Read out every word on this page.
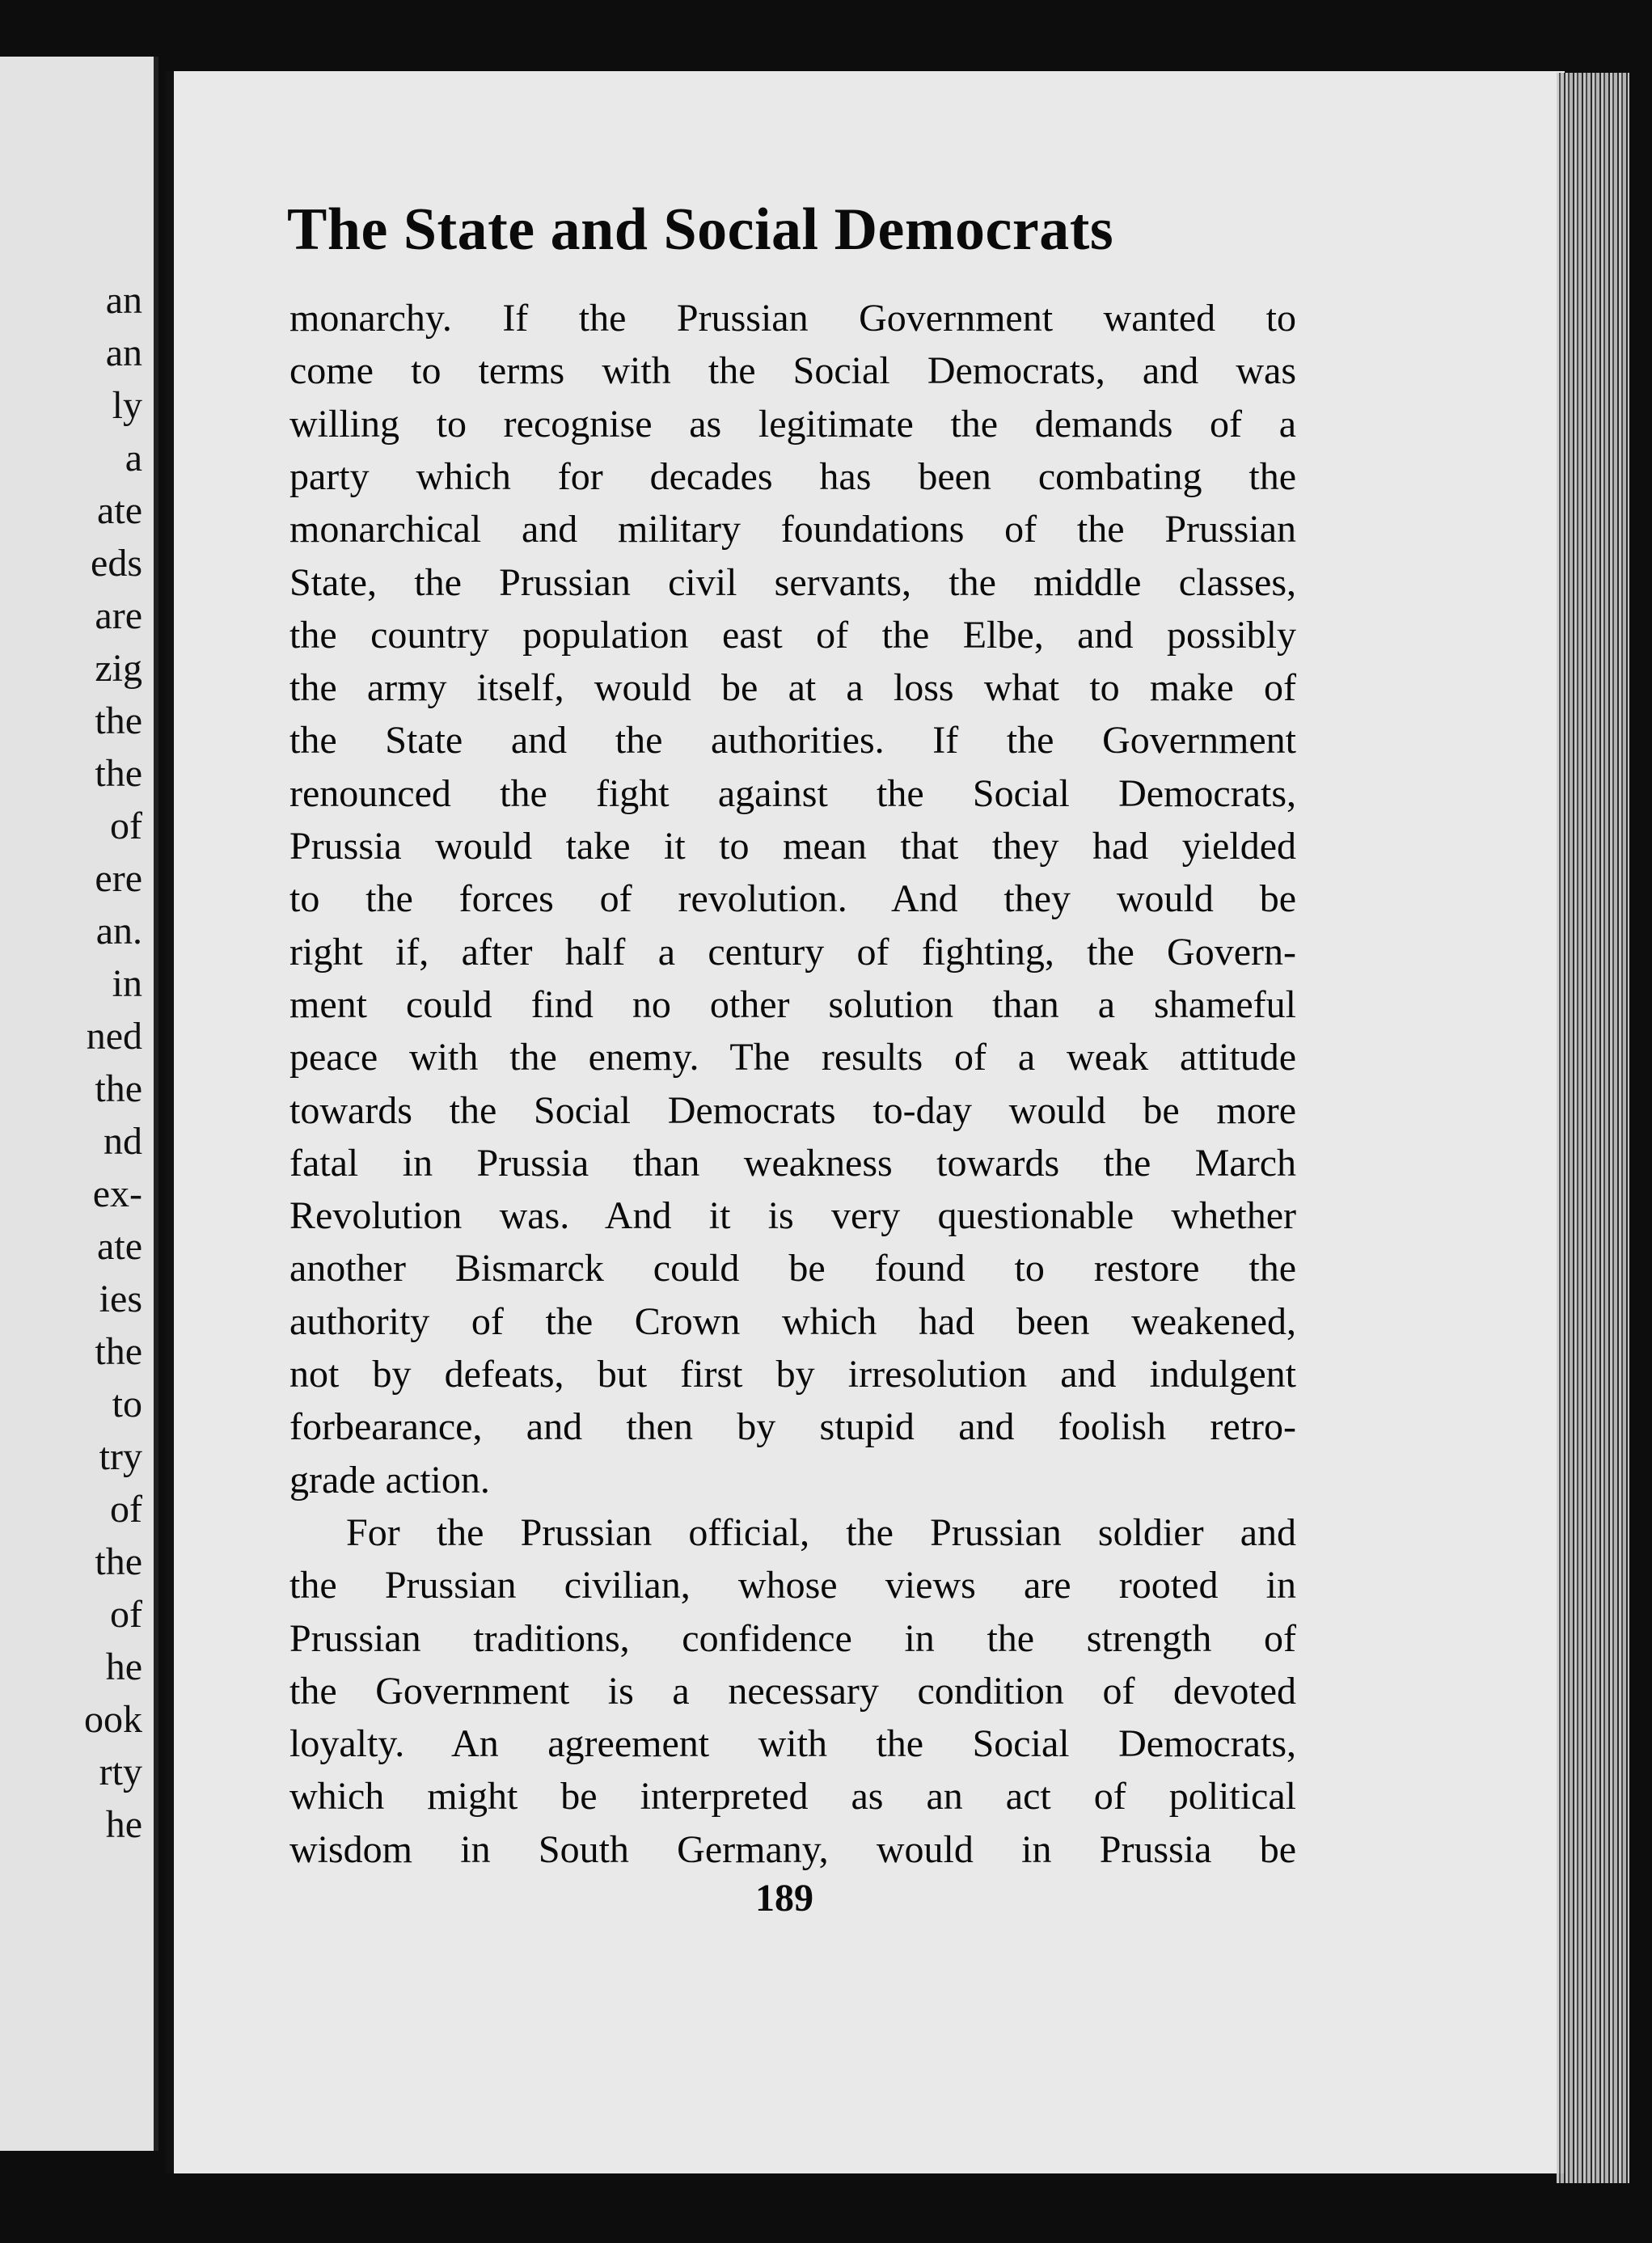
an
an
ly
a
ate
eds
are
zig
the
the
of
ere
an.
in
ned
the
nd
ex-
ate
ies
the
to
try
of
the
of
he
ook
rty
he
The State and Social Democrats
monarchy. If the Prussian Government wanted to
come to terms with the Social Democrats, and was
willing to recognise as legitimate the demands of a
party which for decades has been combating the
monarchical and military foundations of the Prussian
State, the Prussian civil servants, the middle classes,
the country population east of the Elbe, and possibly
the army itself, would be at a loss what to make of
the State and the authorities. If the Government
renounced the fight against the Social Democrats,
Prussia would take it to mean that they had yielded
to the forces of revolution. And they would be
right if, after half a century of fighting, the Govern-
ment could find no other solution than a shameful
peace with the enemy. The results of a weak attitude
towards the Social Democrats to-day would be more
fatal in Prussia than weakness towards the March
Revolution was. And it is very questionable whether
another Bismarck could be found to restore the
authority of the Crown which had been weakened,
not by defeats, but first by irresolution and indulgent
forbearance, and then by stupid and foolish retro-
grade action.
For the Prussian official, the Prussian soldier and
the Prussian civilian, whose views are rooted in
Prussian traditions, confidence in the strength of
the Government is a necessary condition of devoted
loyalty. An agreement with the Social Democrats,
which might be interpreted as an act of political
wisdom in South Germany, would in Prussia be
189
